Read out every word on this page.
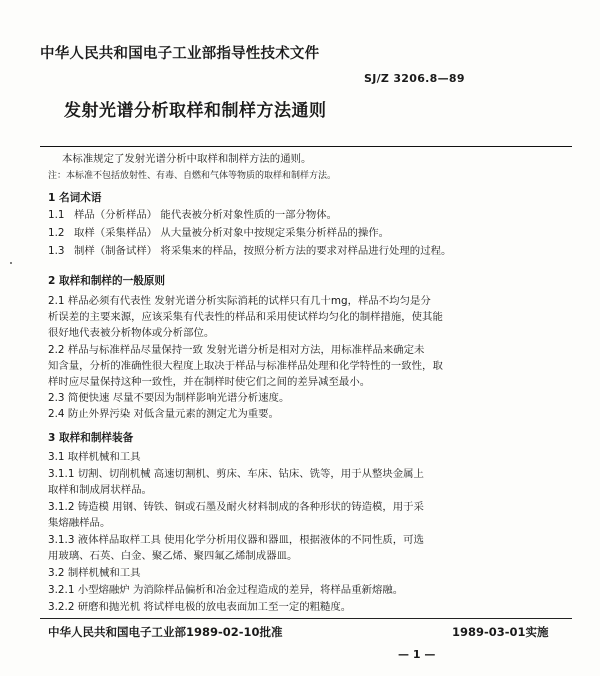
中华人民共和国电子工业部指导性技术文件
SJ/Z 3206.8—89
发射光谱分析取样和制样方法通则
本标准规定了发射光谱分析中取样和制样方法的通则。
注：本标准不包括放射性、有毒、自燃和气体等物质的取样和制样方法。
1 名词术语
1.1 样品（分析样品） 能代表被分析对象性质的一部分物体。
1.2 取样（采集样品） 从大量被分析对象中按规定采集分析样品的操作。
1.3 制样（制备试样） 将采集来的样品，按照分析方法的要求对样品进行处理的过程。
2 取样和制样的一般原则
2.1 样品必须有代表性 发射光谱分析实际消耗的试样只有几十mg，样品不均匀是分
析误差的主要来源，应该采集有代表性的样品和采用使试样均匀化的制样措施，使其能
很好地代表被分析物体或分析部位。
2.2 样品与标准样品尽量保持一致 发射光谱分析是相对方法，用标准样品来确定未
知含量，分析的准确性很大程度上取决于样品与标准样品处理和化学特性的一致性，取
样时应尽量保持这种一致性，并在制样时使它们之间的差异减至最小。
2.3 简便快速 尽量不要因为制样影响光谱分析速度。
2.4 防止外界污染 对低含量元素的测定尤为重要。
3 取样和制样装备
3.1 取样机械和工具
3.1.1 切割、切削机械 高速切割机、剪床、车床、钻床、铣等，用于从整块金属上
取样和制成屑状样品。
3.1.2 铸造模 用钢、铸铁、铜或石墨及耐火材料制成的各种形状的铸造模，用于采
集熔融样品。
3.1.3 液体样品取样工具 使用化学分析用仪器和器皿，根据液体的不同性质，可选
用玻璃、石英、白金、聚乙烯、聚四氟乙烯制成器皿。
3.2 制样机械和工具
3.2.1 小型熔融炉 为消除样品偏析和冶金过程造成的差异，将样品重新熔融。
3.2.2 研磨和抛光机 将试样电极的放电表面加工至一定的粗糙度。
中华人民共和国电子工业部1989-02-10批准	1989-03-01实施
— 1 —
